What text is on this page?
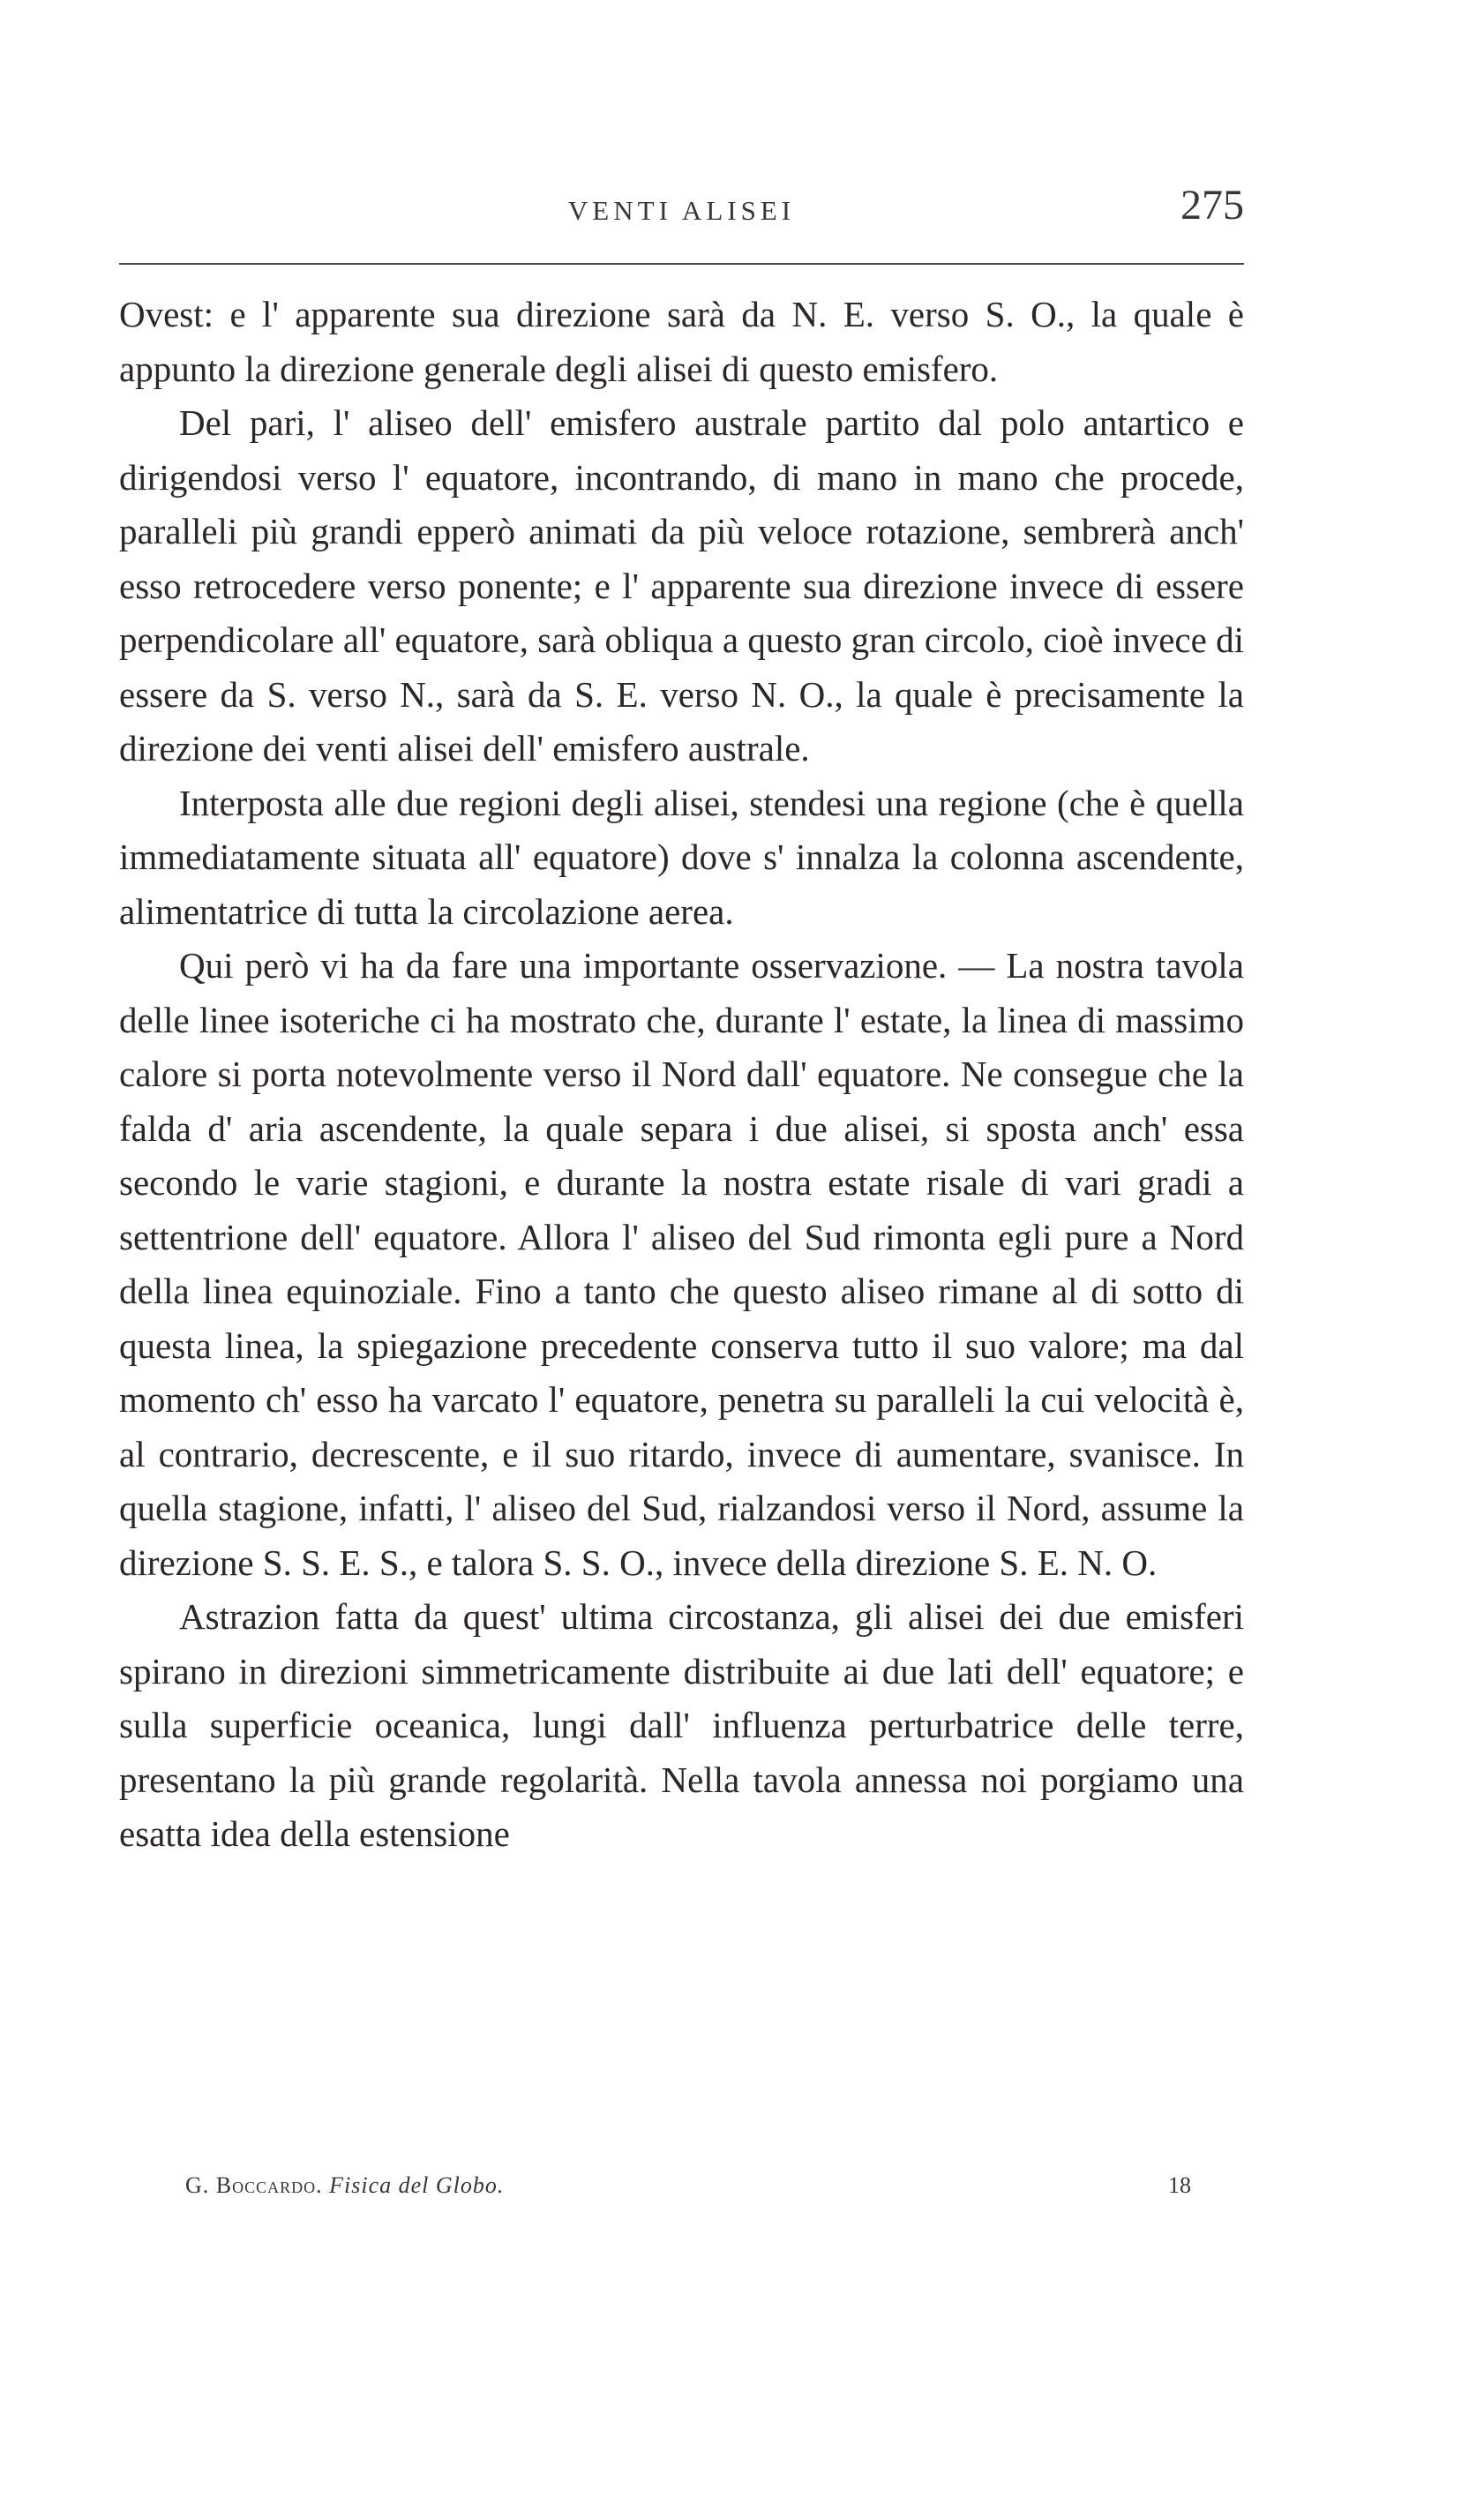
VENTI ALISEI	275

Ovest: e l' apparente sua direzione sarà da N. E. verso S. O., la quale è appunto la direzione generale degli alisei di questo emisfero.

Del pari, l' aliseo dell' emisfero australe partito dal polo antartico e dirigendosi verso l' equatore, incontrando, di mano in mano che procede, paralleli più grandi epperò animati da più veloce rotazione, sembrerà anch' esso retrocedere verso ponente; e l' apparente sua direzione invece di essere perpendicolare all' equatore, sarà obliqua a questo gran circolo, cioè invece di essere da S. verso N., sarà da S. E. verso N. O., la quale è precisamente la direzione dei venti alisei dell' emisfero australe.

Interposta alle due regioni degli alisei, stendesi una regione (che è quella immediatamente situata all' equatore) dove s' innalza la colonna ascendente, alimentatrice di tutta la circolazione aerea.

Qui però vi ha da fare una importante osservazione. — La nostra tavola delle linee isoteriche ci ha mostrato che, durante l' estate, la linea di massimo calore si porta notevolmente verso il Nord dall' equatore. Ne consegue che la falda d' aria ascendente, la quale separa i due alisei, si sposta anch' essa secondo le varie stagioni, e durante la nostra estate risale di vari gradi a settentrione dell' equatore. Allora l' aliseo del Sud rimonta egli pure a Nord della linea equinoziale. Fino a tanto che questo aliseo rimane al di sotto di questa linea, la spiegazione precedente conserva tutto il suo valore; ma dal momento ch' esso ha varcato l' equatore, penetra su paralleli la cui velocità è, al contrario, decrescente, e il suo ritardo, invece di aumentare, svanisce. In quella stagione, infatti, l' aliseo del Sud, rialzandosi verso il Nord, assume la direzione S. S. E. S., e talora S. S. O., invece della direzione S. E. N. O.

Astrazion fatta da quest' ultima circostanza, gli alisei dei due emisferi spirano in direzioni simmetricamente distribuite ai due lati dell' equatore; e sulla superficie oceanica, lungi dall' influenza perturbatrice delle terre, presentano la più grande regolarità. Nella tavola annessa noi porgiamo una esatta idea della estensione

G. Boccardo. Fisica del Globo.	18
